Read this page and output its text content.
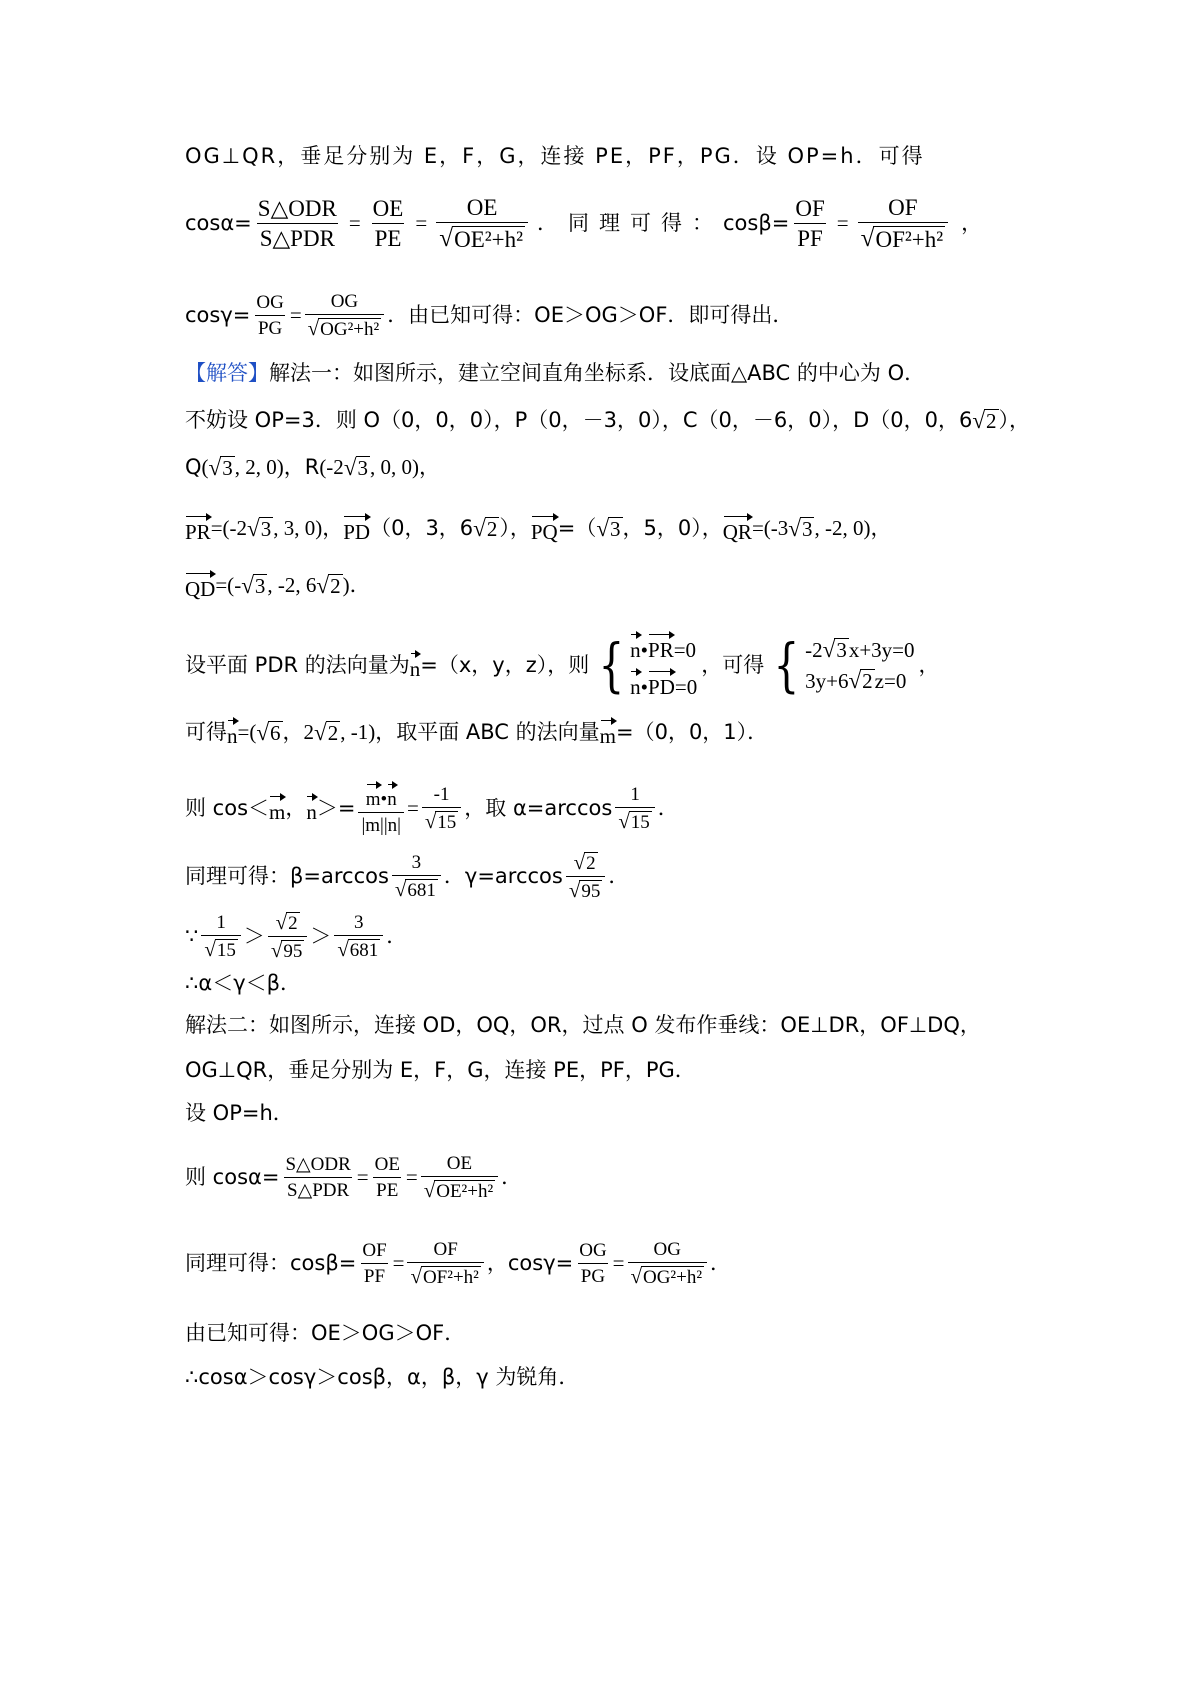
OG⊥QR，垂足分别为 E，F，G，连接 PE，PF，PG．设 OP=h．可得
$\cos\alpha= \frac{\text{S△ODR}}{\text{S△PDR}} = \frac{OE}{PE} = \frac{OE}{\text{√ OE²+h²}}$ ．同理可得： $\cos\beta= \frac{OF}{PF} = \frac{OF}{\text{√ OF²+h²}}$ ，
$\cos\gamma= \frac{OG}{PG} = \frac{OG}{\text{√ OG²+h²}}$ ．由已知可得：OE＞OG＞OF．即可得出．
【解答】 解法一：如图所示，建立空间直角坐标系．设底面△ABC 的中心为 O．
不妨设 OP=3．则 O（0，0，0），P（0，－3，0），C（0，－6，0），D（0，0，6 √ 2 ），
Q ( √ 3 , 2 , 0 ) ， R (-2 √ 3 , 0 , 0 ) ，
PR =( -2 √ 3 , 3 , 0 ) ， PD （0，3，6 √ 2 ）， PQ =（ √ 3 ， 5，0）， QR =( -3 √ 3 , -2 , 0 ) ，
QD =( - √ 3 , -2 , 6 √ 2 ) ．
设平面 PDR 的法向量为 n =（x，y，z），则 { n•PR=0
n•PD=0
，可得 { -2 √ 3 x+3y=0
3y+6 √ 2 z=0
，
可得 n =( √ 6 ， 2 √ 2 , -1 ) ，取平面 ABC 的法向量 m =（0，0，1）．
则 cos ＜ m ， $n >= \frac{m•n}{|m||n|} = \frac{-1}{√ 15}$ ，取 $\alpha=\arccos \frac{1}{√ 15}$ ．
同理可得：$\beta=\arccos \frac{3}{√ 681}$ ．$\gamma=\arccos \frac{√ 2}{√ 95}$ ．
∵ $\frac{1}{√ 15} > \frac{√ 2}{√ 95} > \frac{3}{√ 681}$ ．
∴α＜γ＜β．
解法二：如图所示，连接 OD，OQ，OR，过点 O 发布作垂线：OE⊥DR，OF⊥DQ，
OG⊥QR，垂足分别为 E，F，G，连接 PE，PF，PG．
设 OP=h．
则 $\cos\alpha= \frac{\text{S△ODR}}{\text{S△PDR}} = \frac{OE}{PE} = \frac{OE}{\text{√ OE²+h²}}$ ．
同理可得：$\cos\beta= \frac{OF}{PF} = \frac{OF}{\text{√ OF²+h²}}$ ，$\cos\gamma= \frac{OG}{PG} = \frac{OG}{\text{√ OG²+h²}}$ ．
由已知可得：OE＞OG＞OF．
∴cosα＞cosγ＞cosβ，α，β，γ 为锐角．
